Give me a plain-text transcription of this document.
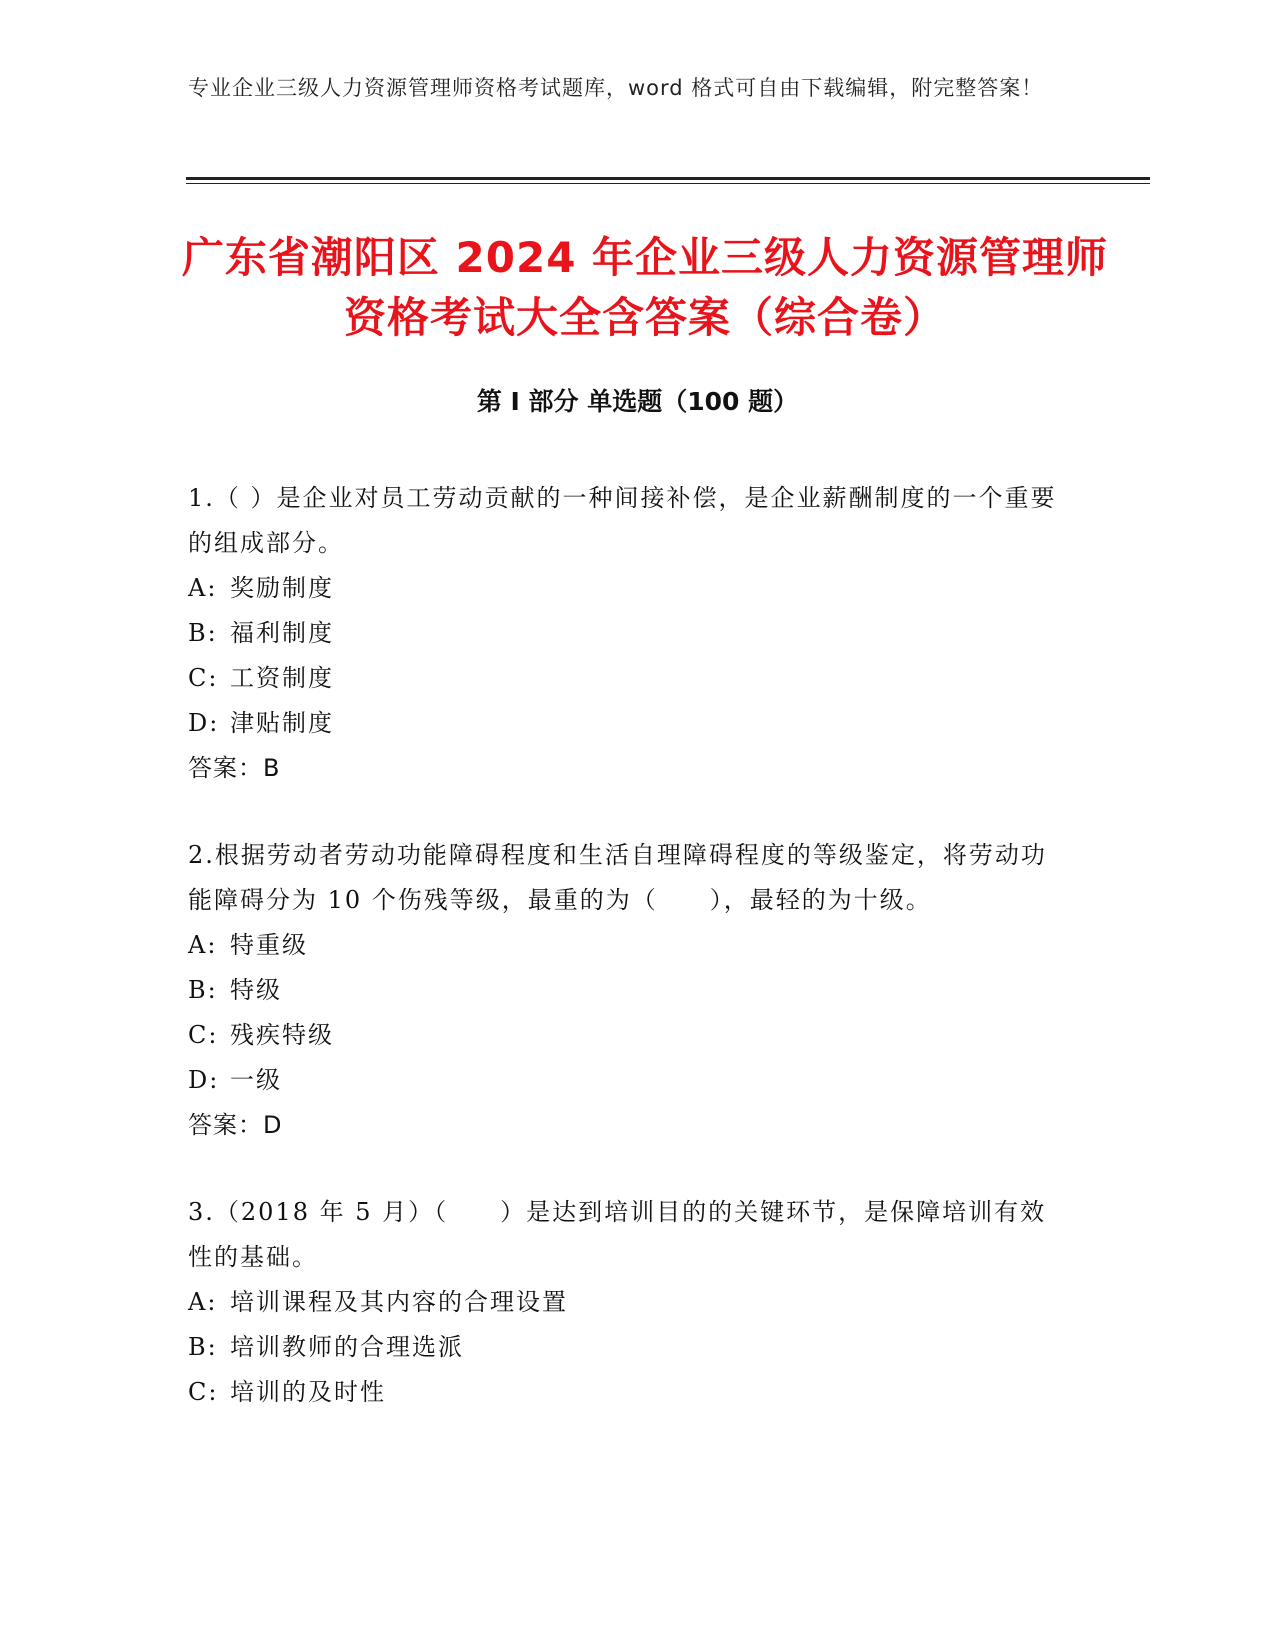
专业企业三级人力资源管理师资格考试题库，word 格式可自由下载编辑，附完整答案！
广东省潮阳区 2024 年企业三级人力资源管理师资格考试大全含答案（综合卷）
第 I 部分 单选题（100 题）
1.（ ）是企业对员工劳动贡献的一种间接补偿，是企业薪酬制度的一个重要的组成部分。
A: 奖励制度
B: 福利制度
C: 工资制度
D: 津贴制度
答案：B
2.根据劳动者劳动功能障碍程度和生活自理障碍程度的等级鉴定，将劳动功能障碍分为 10 个伤残等级，最重的为（　　），最轻的为十级。
A: 特重级
B: 特级
C: 残疾特级
D: 一级
答案：D
3.（2018 年 5 月）（　　）是达到培训目的的关键环节，是保障培训有效性的基础。
A: 培训课程及其内容的合理设置
B: 培训教师的合理选派
C: 培训的及时性
